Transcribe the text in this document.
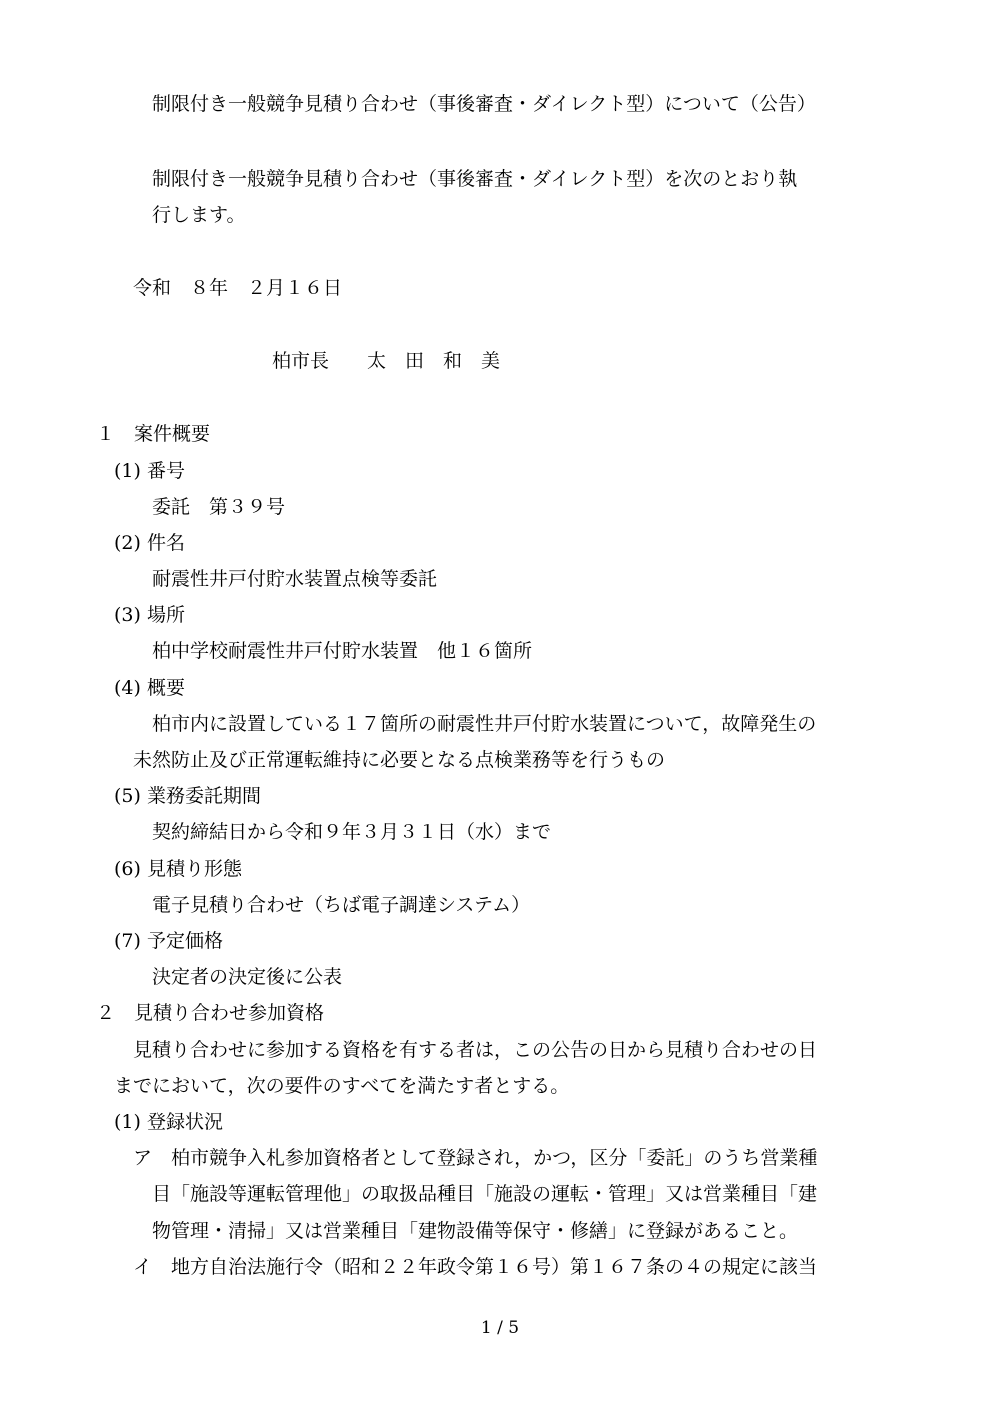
制限付き一般競争見積り合わせ（事後審査・ダイレクト型）について（公告）
制限付き一般競争見積り合わせ（事後審査・ダイレクト型）を次のとおり執
行します。
令和　８年　２月１６日
柏市長　　太　田　和　美
１　案件概要
(1) 番号
委託　第３９号
(2) 件名
耐震性井戸付貯水装置点検等委託
(3) 場所
柏中学校耐震性井戸付貯水装置　他１６箇所
(4) 概要
柏市内に設置している１７箇所の耐震性井戸付貯水装置について，故障発生の
未然防止及び正常運転維持に必要となる点検業務等を行うもの
(5) 業務委託期間
契約締結日から令和９年３月３１日（水）まで
(6) 見積り形態
電子見積り合わせ（ちば電子調達システム）
(7) 予定価格
決定者の決定後に公表
２　見積り合わせ参加資格
見積り合わせに参加する資格を有する者は，この公告の日から見積り合わせの日
までにおいて，次の要件のすべてを満たす者とする。
(1) 登録状況
ア　柏市競争入札参加資格者として登録され，かつ，区分「委託」のうち営業種
目「施設等運転管理他」の取扱品種目「施設の運転・管理」又は営業種目「建
物管理・清掃」又は営業種目「建物設備等保守・修繕」に登録があること。
イ　地方自治法施行令（昭和２２年政令第１６号）第１６７条の４の規定に該当
1 / 5
